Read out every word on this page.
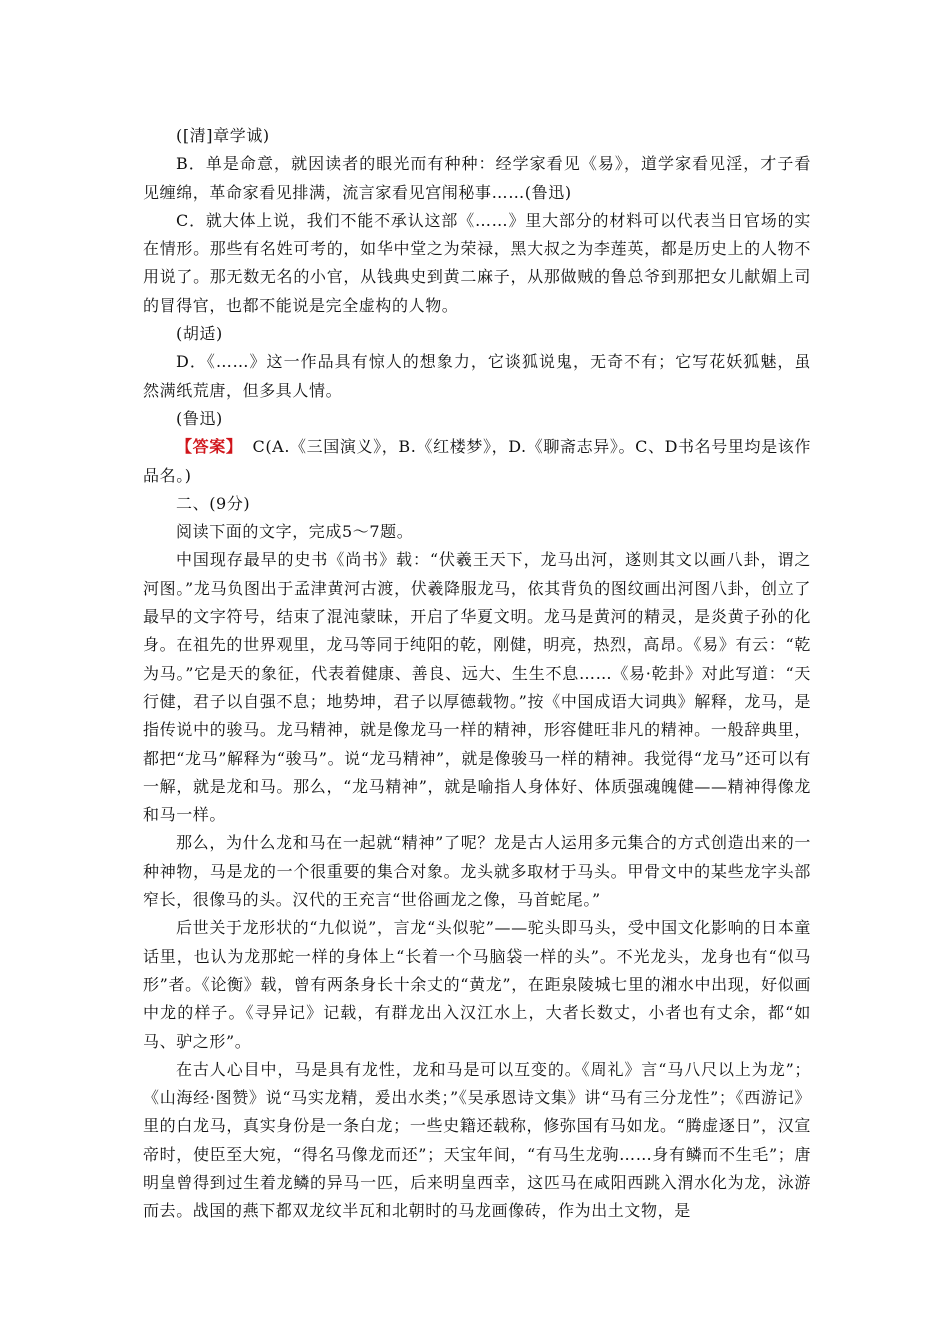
([清]章学诚)

B．单是命意，就因读者的眼光而有种种：经学家看见《易》，道学家看见淫，才子看见缠绵，革命家看见排满，流言家看见宫闱秘事……(鲁迅)

C．就大体上说，我们不能不承认这部《……》里大部分的材料可以代表当日官场的实在情形。那些有名姓可考的，如华中堂之为荣禄，黑大叔之为李莲英，都是历史上的人物不用说了。那无数无名的小官，从钱典史到黄二麻子，从那做贼的鲁总爷到那把女儿献媚上司的冒得官，也都不能说是完全虚构的人物。

(胡适)

D．《……》这一作品具有惊人的想象力，它谈狐说鬼，无奇不有；它写花妖狐魅，虽然满纸荒唐，但多具人情。

(鲁迅)

【答案】 C(A.《三国演义》，B.《红楼梦》，D.《聊斋志异》。C、D书名号里均是该作品名。)

二、(9分)

阅读下面的文字，完成5～7题。

中国现存最早的史书《尚书》载：“伏羲王天下，龙马出河，遂则其文以画八卦，谓之河图。”龙马负图出于孟津黄河古渡，伏羲降服龙马，依其背负的图纹画出河图八卦，创立了最早的文字符号，结束了混沌蒙昧，开启了华夏文明。龙马是黄河的精灵，是炎黄子孙的化身。在祖先的世界观里，龙马等同于纯阳的乾，刚健，明亮，热烈，高昂。《易》有云：“乾为马。”它是天的象征，代表着健康、善良、远大、生生不息……《易·乾卦》对此写道：“天行健，君子以自强不息；地势坤，君子以厚德载物。”按《中国成语大词典》解释，龙马，是指传说中的骏马。龙马精神，就是像龙马一样的精神，形容健旺非凡的精神。一般辞典里，都把“龙马”解释为“骏马”。说“龙马精神”，就是像骏马一样的精神。我觉得“龙马”还可以有一解，就是龙和马。那么，“龙马精神”，就是喻指人身体好、体质强魂魄健——精神得像龙和马一样。

那么，为什么龙和马在一起就“精神”了呢？龙是古人运用多元集合的方式创造出来的一种神物，马是龙的一个很重要的集合对象。龙头就多取材于马头。甲骨文中的某些龙字头部窄长，很像马的头。汉代的王充言“世俗画龙之像，马首蛇尾。”

后世关于龙形状的“九似说”，言龙“头似驼”——驼头即马头，受中国文化影响的日本童话里，也认为龙那蛇一样的身体上“长着一个马脑袋一样的头”。不光龙头，龙身也有“似马形”者。《论衡》载，曾有两条身长十余丈的“黄龙”，在距泉陵城七里的湘水中出现，好似画中龙的样子。《寻异记》记载，有群龙出入汉江水上，大者长数丈，小者也有丈余，都“如马、驴之形”。

在古人心目中，马是具有龙性，龙和马是可以互变的。《周礼》言“马八尺以上为龙”；《山海经·图赞》说“马实龙精，爰出水类；”《吴承恩诗文集》讲“马有三分龙性”；《西游记》里的白龙马，真实身份是一条白龙；一些史籍还载称，修弥国有马如龙。“腾虚逐日”，汉宣帝时，使臣至大宛，“得名马像龙而还”；天宝年间，“有马生龙驹……身有鳞而不生毛”；唐明皇曾得到过生着龙鳞的异马一匹，后来明皇西幸，这匹马在咸阳西跳入渭水化为龙，泳游而去。战国的燕下都双龙纹半瓦和北朝时的马龙画像砖，作为出土文物，是
